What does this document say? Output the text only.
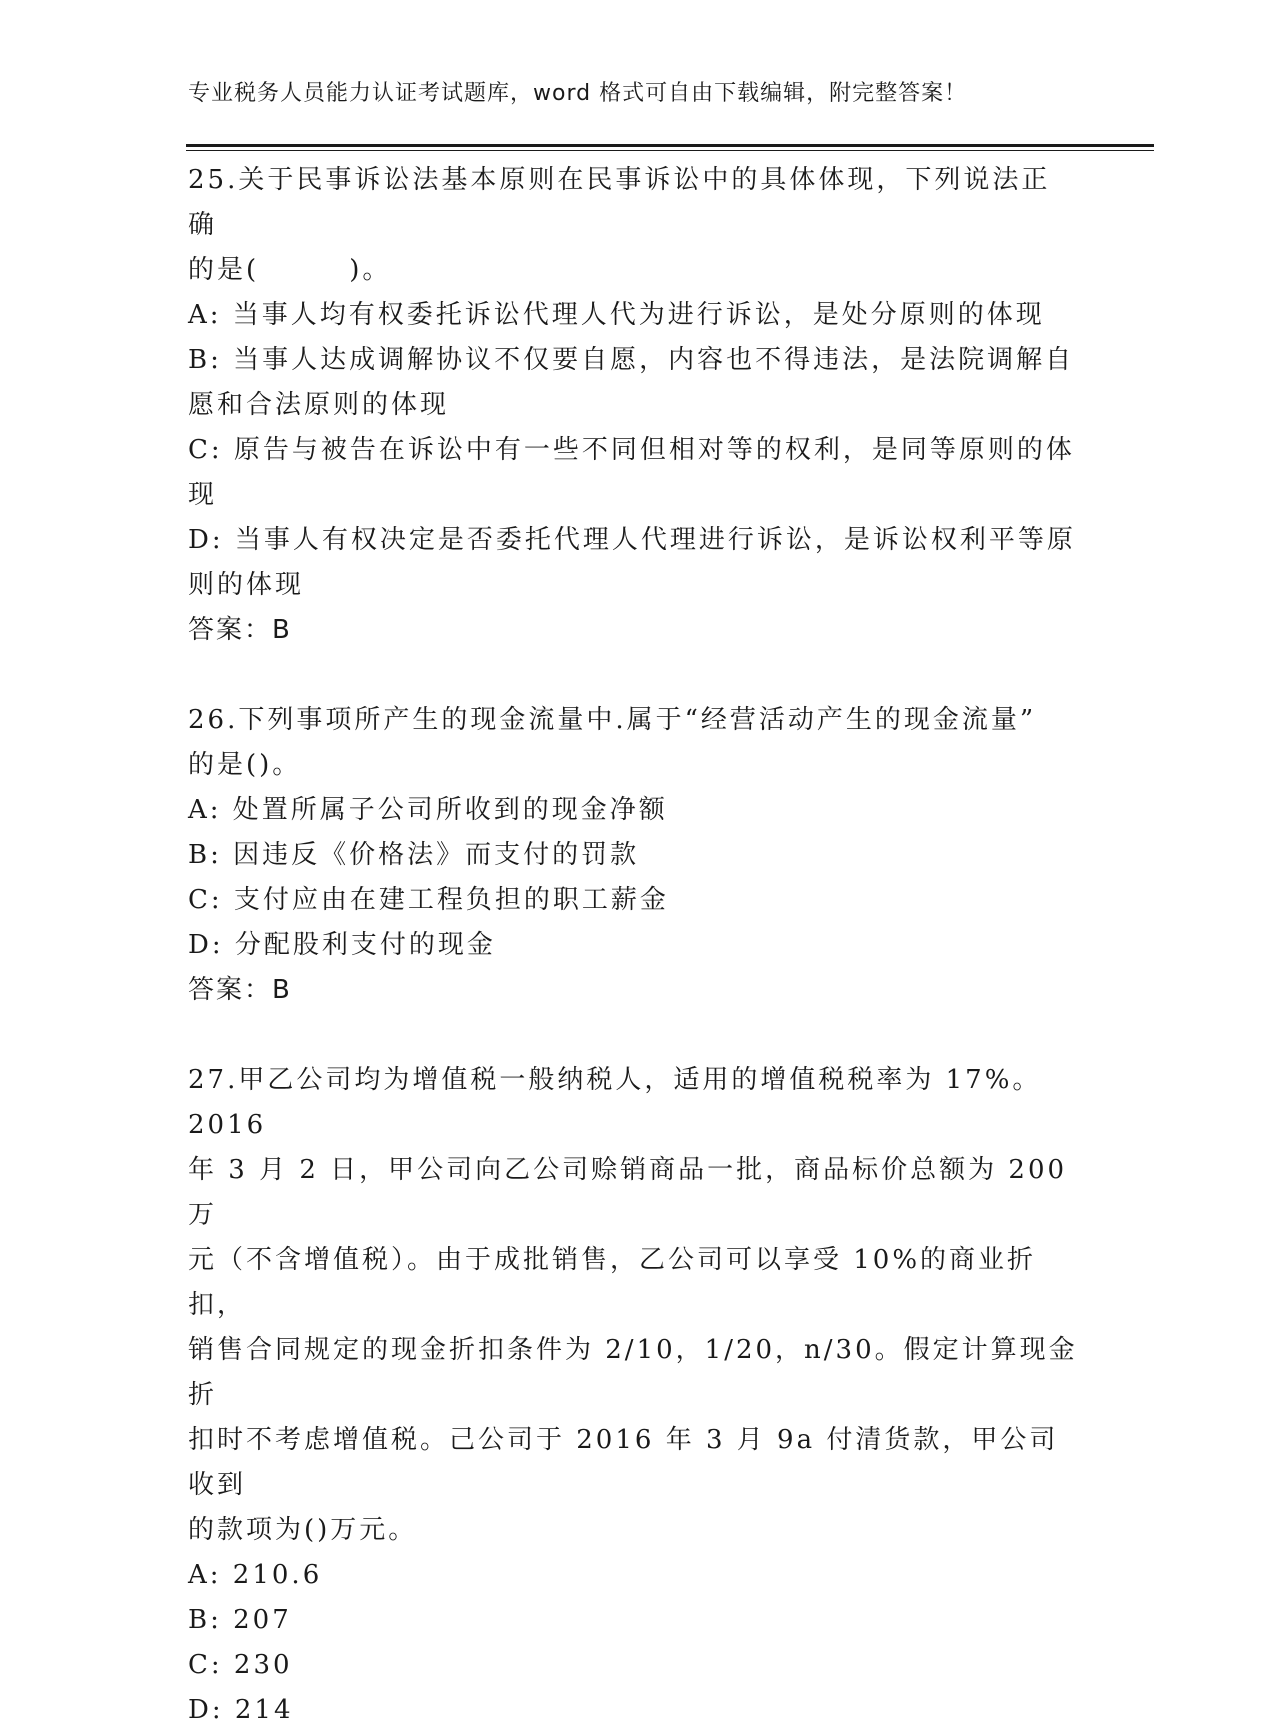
专业税务人员能力认证考试题库，word 格式可自由下载编辑，附完整答案！
25.关于民事诉讼法基本原则在民事诉讼中的具体体现，下列说法正确
的是(        )。
A: 当事人均有权委托诉讼代理人代为进行诉讼，是处分原则的体现
B: 当事人达成调解协议不仅要自愿，内容也不得违法，是法院调解自
愿和合法原则的体现
C: 原告与被告在诉讼中有一些不同但相对等的权利，是同等原则的体
现
D: 当事人有权决定是否委托代理人代理进行诉讼，是诉讼权利平等原
则的体现
答案：B
26.下列事项所产生的现金流量中.属于“经营活动产生的现金流量”
的是()。
A: 处置所属子公司所收到的现金净额
B: 因违反《价格法》而支付的罚款
C: 支付应由在建工程负担的职工薪金
D: 分配股利支付的现金
答案：B
27.甲乙公司均为增值税一般纳税人，适用的增值税税率为 17%。2016
年 3 月 2 日，甲公司向乙公司赊销商品一批，商品标价总额为 200 万
元（不含增值税）。由于成批销售，乙公司可以享受 10%的商业折扣，
销售合同规定的现金折扣条件为 2/10，1/20，n/30。假定计算现金折
扣时不考虑增值税。己公司于 2016 年 3 月 9a 付清货款，甲公司收到
的款项为()万元。
A: 210.6
B: 207
C: 230
D: 214
